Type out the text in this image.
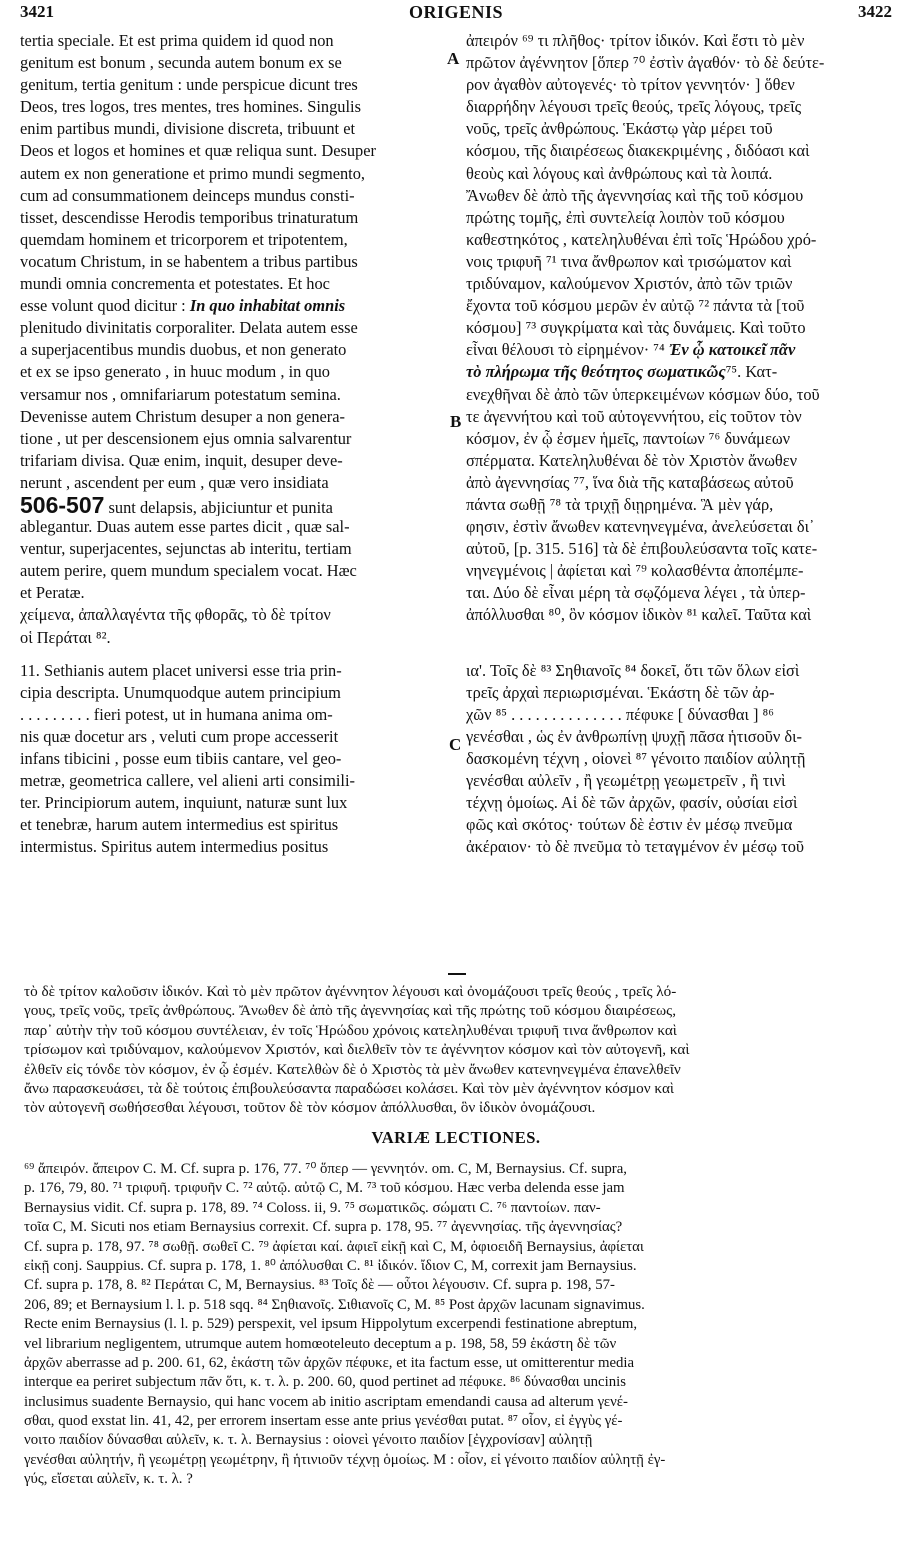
3421	ORIGENIS	3422
A
B
C
tertia speciale. Et est prima quidem id quod non
genitum est bonum , secunda autem bonum ex se
genitum, tertia genitum : unde perspicue dicunt tres
Deos, tres logos, tres mentes, tres homines. Singulis
enim partibus mundi, divisione discreta, tribuunt et
Deos et logos et homines et quæ reliqua sunt. Desuper
autem ex non generatione et primo mundi segmento,
cum ad consummationem deinceps mundus consti-
tisset, descendisse Herodis temporibus trinaturatum
quemdam hominem et tricorporem et tripotentem,
vocatum Christum, in se habentem a tribus partibus
mundi omnia concrementa et potestates. Et hoc
esse volunt quod dicitur : In quo inhabitat omnis
plenitudo divinitatis corporaliter. Delata autem esse
a superjacentibus mundis duobus, et non generato
et ex se ipso generato , in huuc modum , in quo
versamur nos , omnifariarum potestatum semina.
Devenisse autem Christum desuper a non genera-
tione , ut per descensionem ejus omnia salvarentur
trifariam divisa. Quæ enim, inquit, desuper deve-
nerunt , ascendent per eum , quæ vero insidiata
506-507 sunt delapsis, abjiciuntur et punita
ablegantur. Duas autem esse partes dicit , quæ sal-
ventur, superjacentes, sejunctas ab interitu, tertiam
autem perire, quem mundum specialem vocat. Hæc
et Peratæ.
χείμενα, ἀπαλλαγέντα τῆς φθορᾶς, τὸ δὲ τρίτον
οἱ Περάται ⁸².
11. Sethianis autem placet universi esse tria prin-
cipia descripta. Unumquodque autem principium
. . . . . . . . . fieri potest, ut in humana anima om-
nis quæ docetur ars , veluti cum prope accesserit
infans tibicini , posse eum tibiis cantare, vel geo-
metræ, geometrica callere, vel alieni arti consimili-
ter. Principiorum autem, inquiunt, naturæ sunt lux
et tenebræ, harum autem intermedius est spiritus
intermistus. Spiritus autem intermedius positus
ἀπειρόν ⁶⁹ τι πλῆθος· τρίτον ἰδικόν. Καὶ ἔστι τὸ μὲν
πρῶτον ἀγέννητον [ὅπερ ⁷⁰ ἐστὶν ἀγαθόν· τὸ δὲ δεύτε-
ρον ἀγαθὸν αὐτογενές· τὸ τρίτον γεννητόν· ] ὅθεν
διαρρήδην λέγουσι τρεῖς θεούς, τρεῖς λόγους, τρεῖς
νοῦς, τρεῖς ἀνθρώπους. Ἑκάστῳ γὰρ μέρει τοῦ
κόσμου, τῆς διαιρέσεως διακεκριμένης , διδόασι καὶ
θεοὺς καὶ λόγους καὶ ἀνθρώπους καὶ τὰ λοιπά.
Ἄνωθεν δὲ ἀπὸ τῆς ἀγεννησίας καὶ τῆς τοῦ κόσμου
πρώτης τομῆς, ἐπὶ συντελείᾳ λοιπὸν τοῦ κόσμου
καθεστηκότος , κατεληλυθέναι ἐπὶ τοῖς Ἡρώδου χρό-
νοις τριφυῆ ⁷¹ τινα ἄνθρωπον καὶ τρισώματον καὶ
τριδύναμον, καλούμενον Χριστόν, ἀπὸ τῶν τριῶν
ἔχοντα τοῦ κόσμου μερῶν ἐν αὐτῷ ⁷² πάντα τὰ [τοῦ
κόσμου] ⁷³ συγκρίματα καὶ τὰς δυνάμεις. Καὶ τοῦτο
εἶναι θέλουσι τὸ εἰρημένον· ⁷⁴ Ἐν ᾧ κατοικεῖ πᾶν
τὸ πλήρωμα τῆς θεότητος σωματικῶς⁷⁵. Κατ-
ενεχθῆναι δὲ ἀπὸ τῶν ὑπερκειμένων κόσμων δύο, τοῦ
τε ἀγεννήτου καὶ τοῦ αὐτογεννήτου, εἰς τοῦτον τὸν
κόσμον, ἐν ᾧ ἐσμεν ἡμεῖς, παντοίων ⁷⁶ δυνάμεων
σπέρματα. Κατεληλυθέναι δὲ τὸν Χριστὸν ἄνωθεν
ἀπὸ ἀγεννησίας ⁷⁷, ἵνα διὰ τῆς καταβάσεως αὐτοῦ
πάντα σωθῇ ⁷⁸ τὰ τριχῇ διῃρημένα. Ἃ μὲν γάρ,
φησιν, ἐστὶν ἄνωθεν κατενηνεγμένα, ἀνελεύσεται δι᾽
αὐτοῦ, [p. 315. 516] τὰ δὲ ἐπιβουλεύσαντα τοῖς κατε-
νηνεγμένοις | ἀφίεται καὶ ⁷⁹ κολασθέντα ἀποπέμπε-
ται. Δύο δὲ εἶναι μέρη τὰ σῳζόμενα λέγει , τὰ ὑπερ-
ἀπόλλυσθαι ⁸⁰, ὃν κόσμον ἰδικὸν ⁸¹ καλεῖ. Ταῦτα καὶ
ια'. Τοῖς δὲ ⁸³ Σηθιανοῖς ⁸⁴ δοκεῖ, ὅτι τῶν ὅλων εἰσὶ
τρεῖς ἀρχαὶ περιωρισμέναι. Ἑκάστη δὲ τῶν ἀρ-
χῶν ⁸⁵ . . . . . . . . . . . . . . πέφυκε [ δύνασθαι ] ⁸⁶
γενέσθαι , ὡς ἐν ἀνθρωπίνῃ ψυχῇ πᾶσα ἡτισοῦν δι-
δασκομένη τέχνη , οἱονεὶ ⁸⁷ γένοιτο παιδίον αὐλητῇ
γενέσθαι αὐλεῖν , ἢ γεωμέτρῃ γεωμετρεῖν , ἢ τινὶ
τέχνῃ ὁμοίως. Αἱ δὲ τῶν ἀρχῶν, φασίν, οὐσίαι εἰσὶ
φῶς καὶ σκότος· τούτων δὲ ἐστιν ἐν μέσῳ πνεῦμα
ἀκέραιον· τὸ δὲ πνεῦμα τὸ τεταγμένον ἐν μέσῳ τοῦ
τὸ δὲ τρίτον καλοῦσιν ἰδικόν. Καὶ τὸ μὲν πρῶτον ἀγέννητον λέγουσι καὶ ὀνομάζουσι τρεῖς θεούς , τρεῖς λό-
γους, τρεῖς νοῦς, τρεῖς ἀνθρώπους. Ἄνωθεν δὲ ἀπὸ τῆς ἀγεννησίας καὶ τῆς πρώτης τοῦ κόσμου διαιρέσεως,
παρ᾽ αὐτὴν τὴν τοῦ κόσμου συντέλειαν, ἐν τοῖς Ἡρώδου χρόνοις κατεληλυθέναι τριφυῆ τινα ἄνθρωπον καὶ
τρίσωμον καὶ τριδύναμον, καλούμενον Χριστόν, καὶ διελθεῖν τὸν τε ἀγέννητον κόσμον καὶ τὸν αὐτογενῆ, καὶ
ἐλθεῖν εἰς τόνδε τὸν κόσμον, ἐν ᾧ ἐσμέν. Κατελθὼν δὲ ὁ Χριστὸς τὰ μὲν ἄνωθεν κατενηνεγμένα ἐπανελθεῖν
ἄνω παρασκευάσει, τὰ δὲ τούτοις ἐπιβουλεύσαντα παραδώσει κολάσει. Καὶ τὸν μὲν ἀγέννητον κόσμον καὶ
τὸν αὐτογενῆ σωθήσεσθαι λέγουσι, τοῦτον δὲ τὸν κόσμον ἀπόλλυσθαι, ὃν ἰδικὸν ὀνομάζουσι.
VARIÆ LECTIONES.
⁶⁹ ἄπειρόν. ἄπειρον C. M. Cf. supra p. 176, 77. ⁷⁰ ὅπερ — γεννητόν. om. C, M, Bernaysius. Cf. supra,
p. 176, 79, 80. ⁷¹ τριφυῆ. τριφυῆν C. ⁷² αὐτῷ. αὐτῷ C, M. ⁷³ τοῦ κόσμου. Hæc verba delenda esse jam
Bernaysius vidit. Cf. supra p. 178, 89. ⁷⁴ Coloss. ii, 9. ⁷⁵ σωματικῶς. σώματι C. ⁷⁶ παντοίων. παν-
τοῖα C, M. Sicuti nos etiam Bernaysius correxit. Cf. supra p. 178, 95. ⁷⁷ ἀγεννησίας. τῆς ἀγεννησίας?
Cf. supra p. 178, 97. ⁷⁸ σωθῇ. σωθεῖ C. ⁷⁹ ἀφίεται καί. ἀφιεῖ εἰκῇ καὶ C, M, ὀφιοειδῆ Bernaysius, ἀφίεται
εἰκῇ conj. Sauppius. Cf. supra p. 178, 1. ⁸⁰ ἀπόλυσθαι C. ⁸¹ ἰδικόν. ἴδιον C, M, correxit jam Bernaysius.
Cf. supra p. 178, 8. ⁸² Περάται C, M, Bernaysius. ⁸³ Τοῖς δὲ — οὗτοι λέγουσιν. Cf. supra p. 198, 57-
206, 89; et Bernaysium l. l. p. 518 sqq. ⁸⁴ Σηθιανοῖς. Σιθιανοῖς C, M. ⁸⁵ Post ἀρχῶν lacunam signavimus.
Recte enim Bernaysius (l. l. p. 529) perspexit, vel ipsum Hippolytum excerpendi festinatione abreptum,
vel librarium negligentem, utrumque autem homœoteleuto deceptum a p. 198, 58, 59 ἑκάστη δὲ τῶν
ἀρχῶν aberrasse ad p. 200. 61, 62, ἑκάστη τῶν ἀρχῶν πέφυκε, et ita factum esse, ut omitterentur media
interque ea periret subjectum πᾶν ὅτι, κ. τ. λ. p. 200. 60, quod pertinet ad πέφυκε. ⁸⁶ δύνασθαι uncinis
inclusimus suadente Bernaysio, qui hanc vocem ab initio ascriptam emendandi causa ad alterum γενέ-
σθαι, quod exstat lin. 41, 42, per errorem insertam esse ante prius γενέσθαι putat. ⁸⁷ οἷον, εἰ ἐγγὺς γέ-
νοιτο παιδίον δύνασθαι αὐλεῖν, κ. τ. λ. Bernaysius : οἱονεὶ γένοιτο παιδίον [ἐγχρονίσαν] αὐλητῇ
γενέσθαι αὐλητήν, ἢ γεωμέτρῃ γεωμέτρην, ἢ ἡτινιοῦν τέχνῃ ὁμοίως. M : οἷον, εἰ γένοιτο παιδίον αὐλητῇ ἐγ-
γύς, εἴσεται αὐλεῖν, κ. τ. λ. ?
